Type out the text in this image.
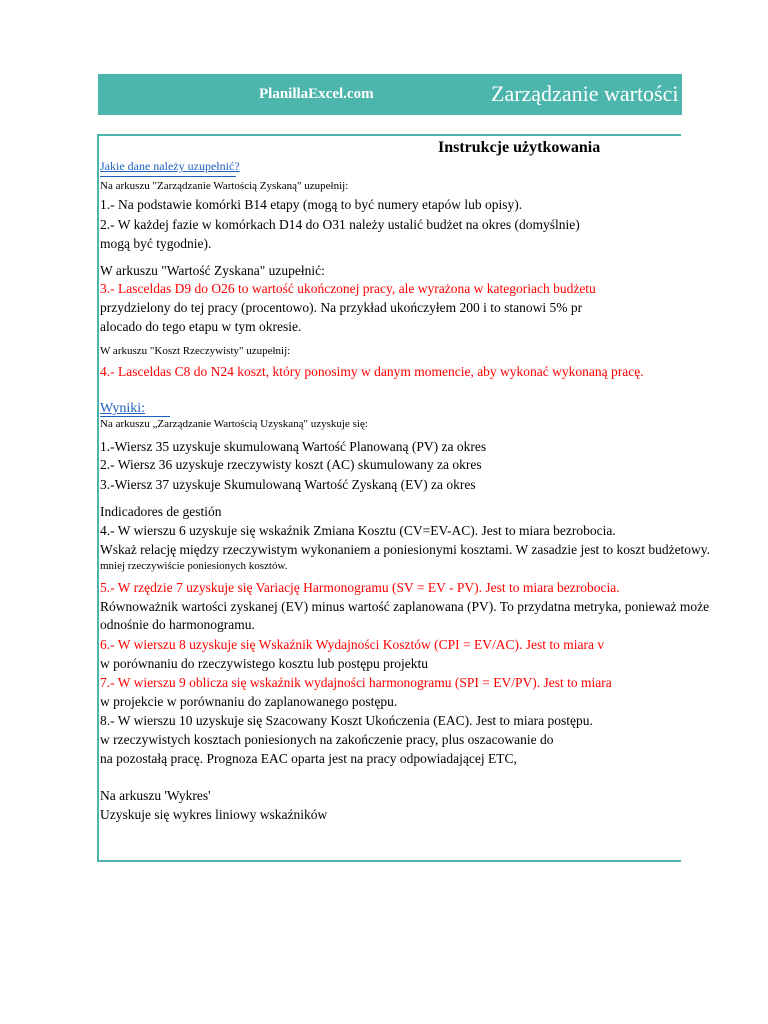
PlanillaExcel.com	Zarządzanie wartości
Instrukcje użytkowania
Jakie dane należy uzupełnić?
Na arkuszu "Zarządzanie Wartością Zyskaną" uzupełnij:
1.- Na podstawie komórki B14 etapy (mogą to być numery etapów lub opisy).
2.- W każdej fazie w komórkach D14 do O31 należy ustalić budżet na okres (domyślnie)
mogą być tygodnie).
W arkuszu "Wartość Zyskana" uzupełnić:
3.- Lasceldas D9 do O26 to wartość ukończonej pracy, ale wyrażona w kategoriach budżetu
przydzielony do tej pracy (procentowo). Na przykład ukończyłem 200 i to stanowi 5% pr
alocado do tego etapu w tym okresie.
W arkuszu "Koszt Rzeczywisty" uzupełnij:
4.- Lasceldas C8 do N24 koszt, który ponosimy w danym momencie, aby wykonać wykonaną pracę.
Wyniki:
Na arkuszu „Zarządzanie Wartością Uzyskaną" uzyskuje się:
1.-Wiersz 35 uzyskuje skumulowaną Wartość Planowaną (PV) za okres
2.- Wiersz 36 uzyskuje rzeczywisty koszt (AC) skumulowany za okres
3.-Wiersz 37 uzyskuje Skumulowaną Wartość Zyskaną (EV) za okres
Indicadores de gestión
4.- W wierszu 6 uzyskuje się wskaźnik Zmiana Kosztu (CV=EV-AC). Jest to miara bezrobocia.
Wskaż relację między rzeczywistym wykonaniem a poniesionymi kosztami. W zasadzie jest to koszt budżetowy.
mniej rzeczywiście poniesionych kosztów.
5.- W rzędzie 7 uzyskuje się Variację Harmonogramu (SV = EV - PV). Jest to miara bezrobocia.
Równoważnik wartości zyskanej (EV) minus wartość zaplanowana (PV). To przydatna metryka, ponieważ może
odnośnie do harmonogramu.
6.- W wierszu 8 uzyskuje się Wskaźnik Wydajności Kosztów (CPI = EV/AC). Jest to miara v
w porównaniu do rzeczywistego kosztu lub postępu projektu
7.- W wierszu 9 oblicza się wskaźnik wydajności harmonogramu (SPI = EV/PV). Jest to miara
w projekcie w porównaniu do zaplanowanego postępu.
8.- W wierszu 10 uzyskuje się Szacowany Koszt Ukończenia (EAC). Jest to miara postępu.
w rzeczywistych kosztach poniesionych na zakończenie pracy, plus oszacowanie do
na pozostałą pracę. Prognoza EAC oparta jest na pracy odpowiadającej ETC,
Na arkuszu 'Wykres'
Uzyskuje się wykres liniowy wskaźników
